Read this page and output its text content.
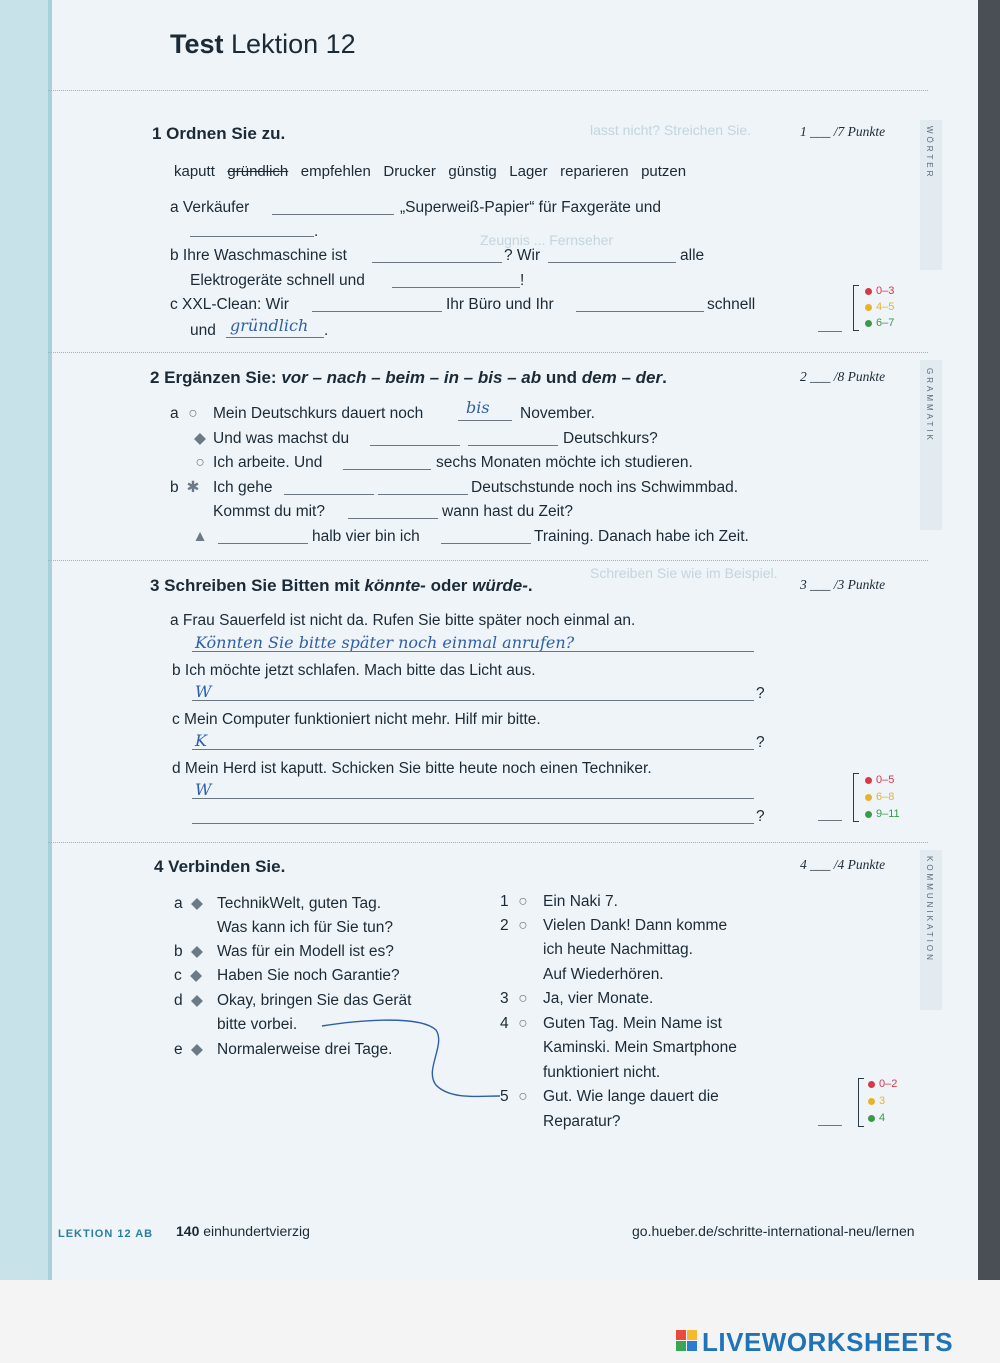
lasst nicht? Streichen Sie.
Zeugnis ... Fernseher
Schreiben Sie wie im Beispiel.
Test Lektion 12
1 Ordnen Sie zu.	1 ___ /7 Punkte
kaputt gründlich empfehlen Drucker günstig Lager reparieren putzen
a Verkäufer	„Superweiß-Papier“ für Faxgeräte und
.
b Ihre Waschmaschine ist	? Wir	alle
Elektrogeräte schnell und	!
c XXL-Clean: Wir	Ihr Büro und Ihr	schnell
und gründlich .
0–3
4–5
6–7
2 Ergänzen Sie: vor – nach – beim – in – bis – ab und dem – der.	2 ___ /8 Punkte
a ○ Mein Deutschkurs dauert noch	bis November.
◆ Und was machst du	Deutschkurs?
○ Ich arbeite. Und	sechs Monaten möchte ich studieren.
b ✱ Ich gehe	Deutschstunde noch ins Schwimmbad.
Kommst du mit?	wann hast du Zeit?
▲	halb vier bin ich	Training. Danach habe ich Zeit.
3 Schreiben Sie Bitten mit könnte- oder würde-.	3 ___ /3 Punkte
a Frau Sauerfeld ist nicht da. Rufen Sie bitte später noch einmal an.
Könnten Sie bitte später noch einmal anrufen?
b Ich möchte jetzt schlafen. Mach bitte das Licht aus.
W	?
c Mein Computer funktioniert nicht mehr. Hilf mir bitte.
K	?
d Mein Herd ist kaputt. Schicken Sie bitte heute noch einen Techniker.
W
?
0–5
6–8
9–11
4 Verbinden Sie.	4 ___ /4 Punkte
a ◆ TechnikWelt, guten Tag.
Was kann ich für Sie tun?
b ◆ Was für ein Modell ist es?
c ◆ Haben Sie noch Garantie?
d ◆ Okay, bringen Sie das Gerät
bitte vorbei.
e ◆ Normalerweise drei Tage.
1 ○ Ein Naki 7.
2 ○ Vielen Dank! Dann komme
ich heute Nachmittag.
Auf Wiederhören.
3 ○ Ja, vier Monate.
4 ○ Guten Tag. Mein Name ist
Kaminski. Mein Smartphone
funktioniert nicht.
5 ○ Gut. Wie lange dauert die
Reparatur?
0–2
3
4
WÖRTER
GRAMMATIK
KOMMUNIKATION
LEKTION 12 AB 140 einhundertvierzig	go.hueber.de/schritte-international-neu/lernen
LIVEWORKSHEETS
